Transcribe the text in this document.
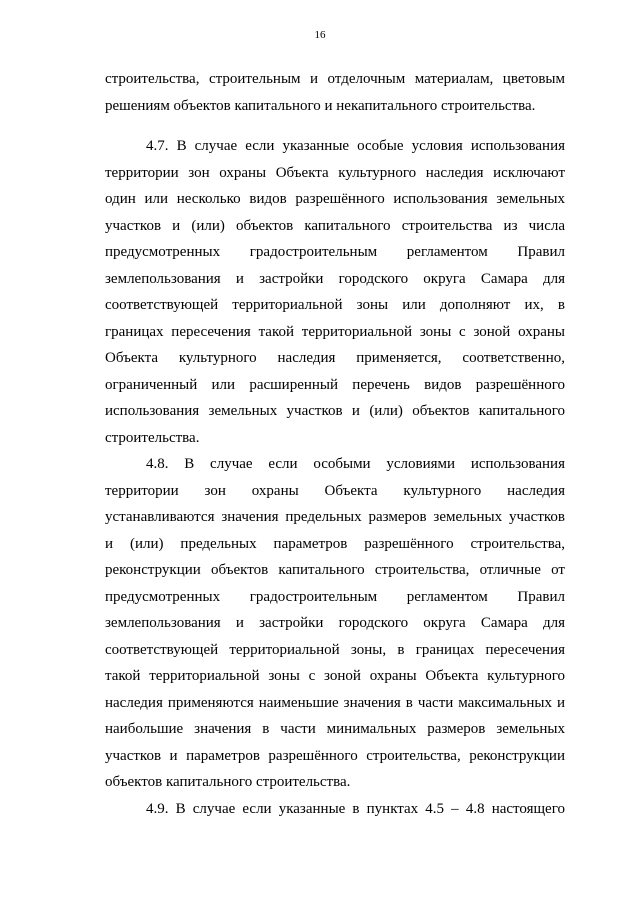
16
строительства, строительным и отделочным материалам, цветовым
решениям объектов капитального и некапитального строительства.
4.7. В случае если указанные особые условия использования
территории зон охраны Объекта культурного наследия исключают
один или несколько видов разрешённого использования земельных
участков и (или) объектов капитального строительства из числа
предусмотренных градостроительным регламентом Правил
землепользования и застройки городского округа Самара для
соответствующей территориальной зоны или дополняют их, в
границах пересечения такой территориальной зоны с зоной охраны
Объекта культурного наследия применяется, соответственно,
ограниченный или расширенный перечень видов разрешённого
использования земельных участков и (или) объектов капитального
строительства.
4.8. В случае если особыми условиями использования
территории зон охраны Объекта культурного наследия
устанавливаются значения предельных размеров земельных участков
и (или) предельных параметров разрешённого строительства,
реконструкции объектов капитального строительства, отличные от
предусмотренных градостроительным регламентом Правил
землепользования и застройки городского округа Самара для
соответствующей территориальной зоны, в границах пересечения
такой территориальной зоны с зоной охраны Объекта культурного
наследия применяются наименьшие значения в части максимальных и
наибольшие значения в части минимальных размеров земельных
участков и параметров разрешённого строительства, реконструкции
объектов капитального строительства.
4.9. В случае если указанные в пунктах 4.5 – 4.8 настоящего
